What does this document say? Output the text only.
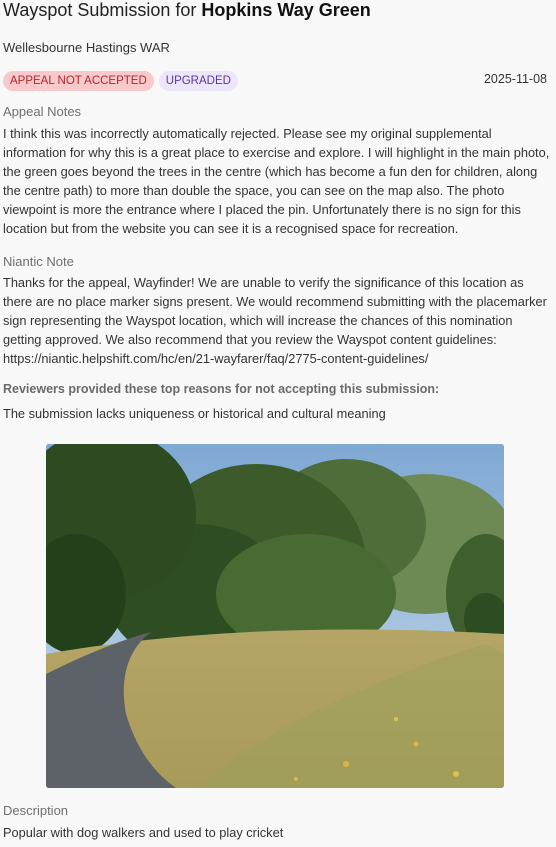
Wayspot Submission for Hopkins Way Green
Wellesbourne Hastings WAR
APPEAL NOT ACCEPTED	UPGRADED	2025-11-08
Appeal Notes
I think this was incorrectly automatically rejected. Please see my original supplemental information for why this is a great place to exercise and explore. I will highlight in the main photo, the green goes beyond the trees in the centre (which has become a fun den for children, along the centre path) to more than double the space, you can see on the map also. The photo viewpoint is more the entrance where I placed the pin. Unfortunately there is no sign for this location but from the website you can see it is a recognised space for recreation.
Niantic Note
Thanks for the appeal, Wayfinder! We are unable to verify the significance of this location as there are no place marker signs present. We would recommend submitting with the placemarker sign representing the Wayspot location, which will increase the chances of this nomination getting approved. We also recommend that you review the Wayspot content guidelines: https://niantic.helpshift.com/hc/en/21-wayfarer/faq/2775-content-guidelines/
Reviewers provided these top reasons for not accepting this submission:
The submission lacks uniqueness or historical and cultural meaning
Description
Popular with dog walkers and used to play cricket
